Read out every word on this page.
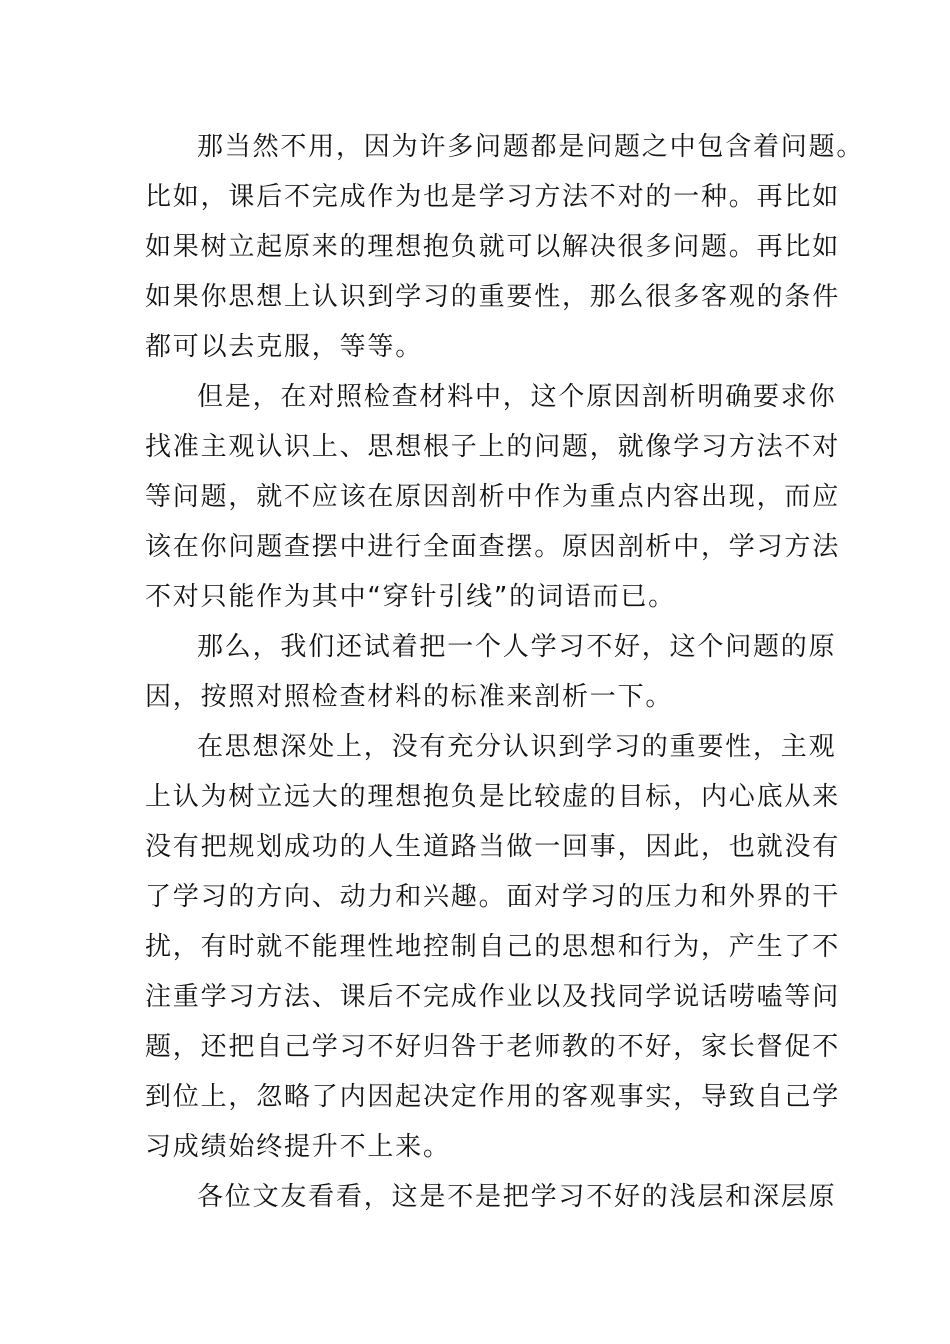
那当然不用，因为许多问题都是问题之中包含着问题。
比如，课后不完成作为也是学习方法不对的一种。再比如
如果树立起原来的理想抱负就可以解决很多问题。再比如
如果你思想上认识到学习的重要性，那么很多客观的条件
都可以去克服，等等。
但是，在对照检查材料中，这个原因剖析明确要求你
找准主观认识上、思想根子上的问题，就像学习方法不对
等问题，就不应该在原因剖析中作为重点内容出现，而应
该在你问题查摆中进行全面查摆。原因剖析中，学习方法
不对只能作为其中“穿针引线”的词语而已。
那么，我们还试着把一个人学习不好，这个问题的原
因，按照对照检查材料的标准来剖析一下。
在思想深处上，没有充分认识到学习的重要性，主观
上认为树立远大的理想抱负是比较虚的目标，内心底从来
没有把规划成功的人生道路当做一回事，因此，也就没有
了学习的方向、动力和兴趣。面对学习的压力和外界的干
扰，有时就不能理性地控制自己的思想和行为，产生了不
注重学习方法、课后不完成作业以及找同学说话唠嗑等问
题，还把自己学习不好归咎于老师教的不好，家长督促不
到位上，忽略了内因起决定作用的客观事实，导致自己学
习成绩始终提升不上来。
各位文友看看，这是不是把学习不好的浅层和深层原
